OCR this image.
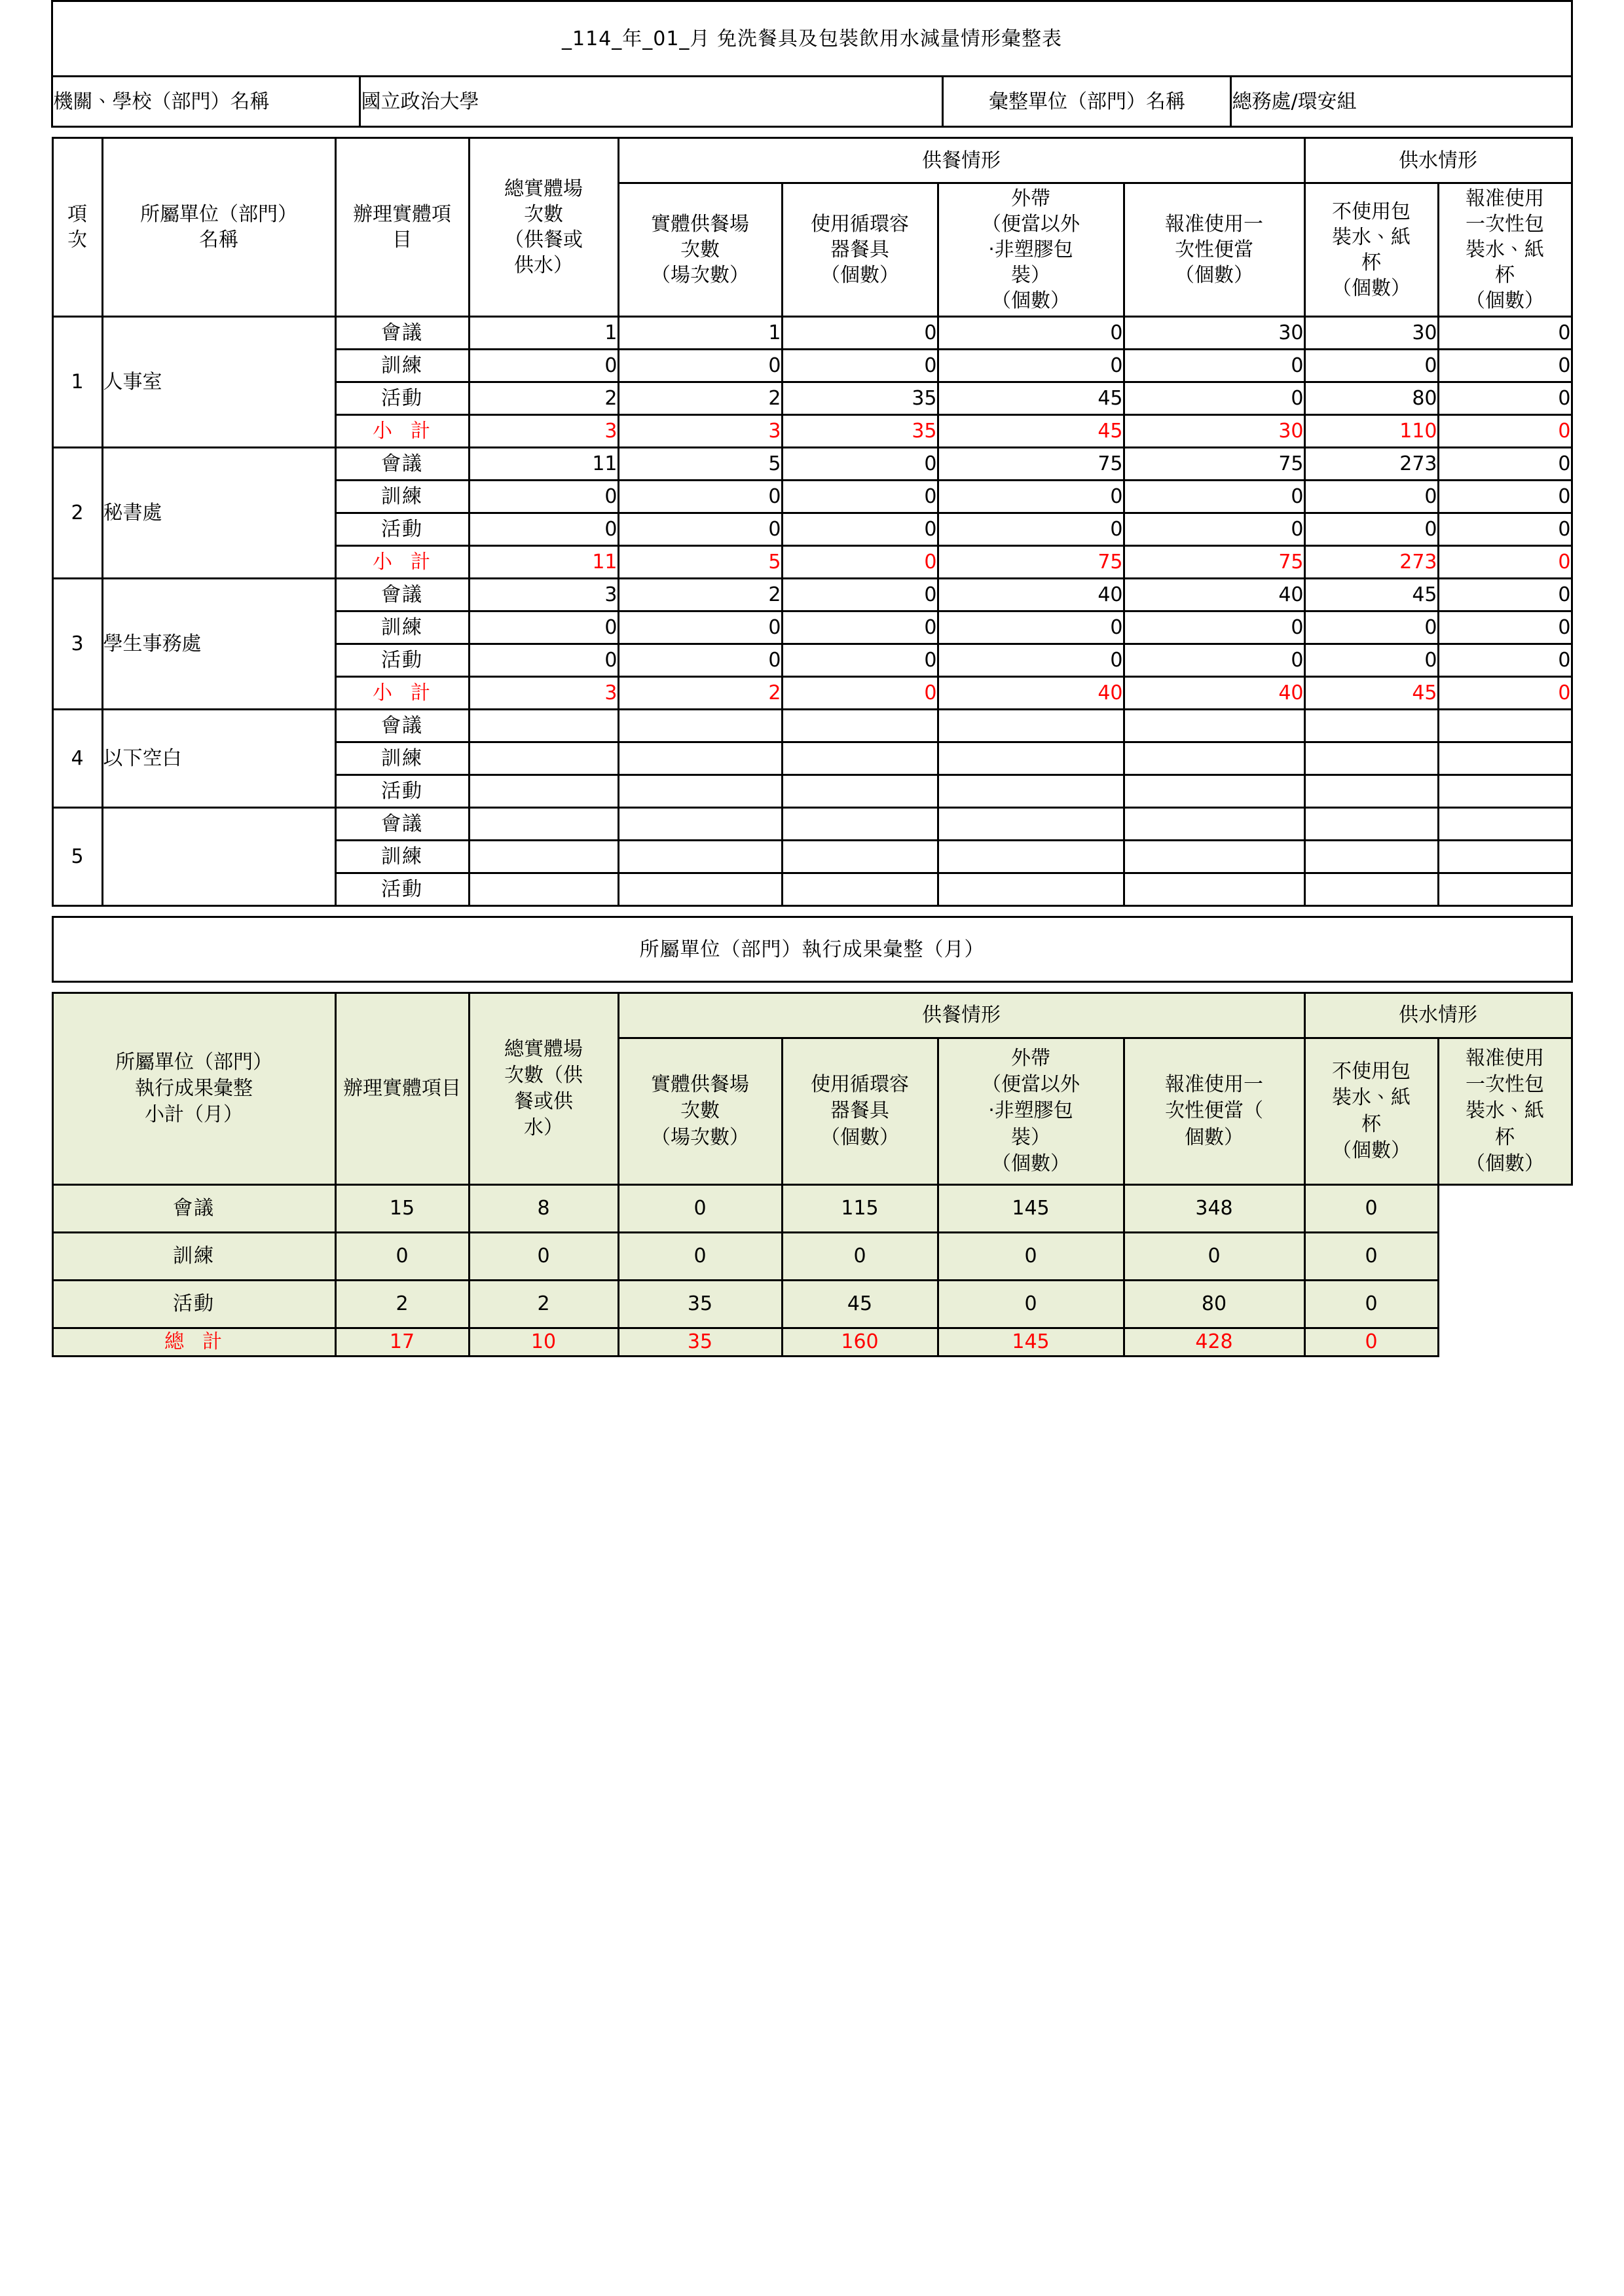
_114_年_01_月 免洗餐具及包裝飲用水減量情形彙整表
機關、學校（部門）名稱	國立政治大學	彙整單位（部門）名稱	總務處/環安組
項
次

所屬單位（部門）
名稱

辦理實體項
目

總實體場
次數
（供餐或
供水）
	供餐情形	供水情形

實體供餐場
次數
（場次數）

使用循環容
器餐具
（個數）

外帶
（便當以外
‧非塑膠包
裝）
（個數）

報准使用一
次性便當
（個數）

不使用包
裝水、紙
杯
（個數）

報准使用
一次性包
裝水、紙
杯
（個數）

1	人事室	會議	1	1	0	0	30	30	0
		訓練	0	0	0	0	0	0	0
		活動	2	2	35	45	0	80	0
		小 計	3	3	35	45	30	110	0
2	秘書處	會議	11	5	0	75	75	273	0
		訓練	0	0	0	0	0	0	0
		活動	0	0	0	0	0	0	0
		小 計	11	5	0	75	75	273	0
3	學生事務處	會議	3	2	0	40	40	45	0
		訓練	0	0	0	0	0	0	0
		活動	0	0	0	0	0	0	0
		小 計	3	2	0	40	40	45	0
4	以下空白	會議							
		訓練							
		活動							
5		會議							
		訓練							
		活動							
所屬單位（部門）執行成果彙整（月）
所屬單位（部門）
執行成果彙整
小計（月）
	辦理實體項目	
總實體場
次數（供
餐或供
水）
	供餐情形	供水情形

實體供餐場
次數
（場次數）

使用循環容
器餐具
（個數）

外帶
（便當以外
‧非塑膠包
裝）
（個數）

報准使用一
次性便當（
個數）

不使用包
裝水、紙
杯
（個數）

報准使用
一次性包
裝水、紙
杯
（個數）

會議	15	8	0	115	145	348	0	
訓練	0	0	0	0	0	0	0	
活動	2	2	35	45	0	80	0	
總 計	17	10	35	160	145	428	0	
